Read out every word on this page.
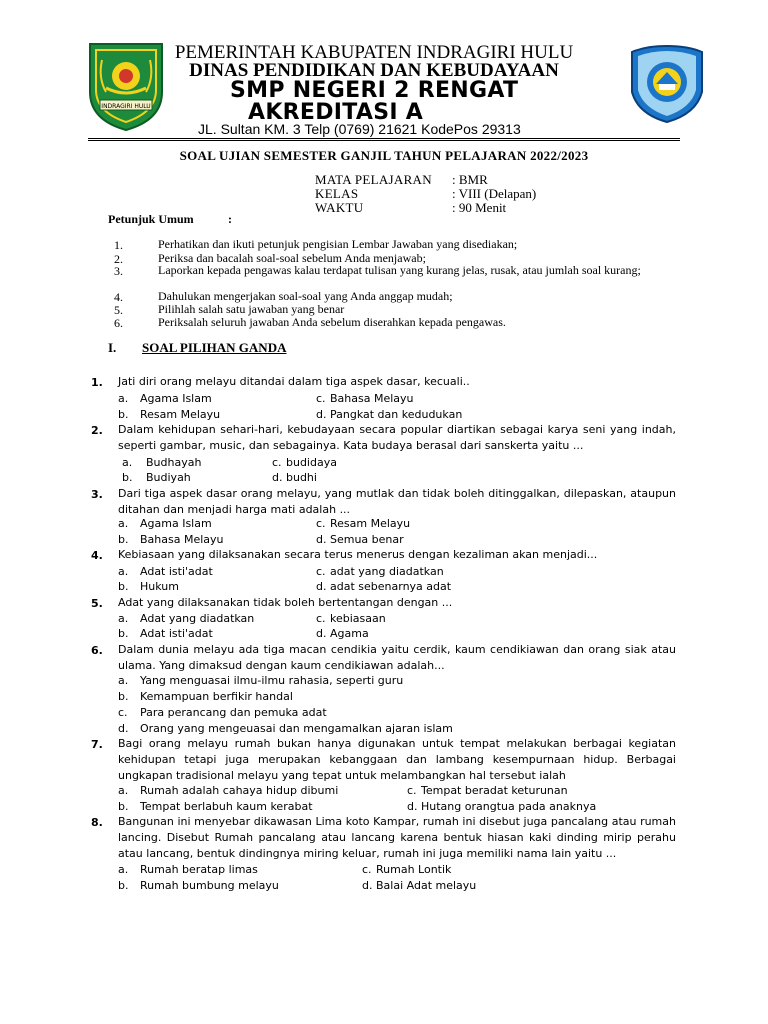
INDRAGIRI HULU
PEMERINTAH KABUPATEN INDRAGIRI HULU
DINAS PENDIDIKAN DAN KEBUDAYAAN
SMP NEGERI 2 RENGAT
AKREDITASI A
JL. Sultan KM. 3 Telp (0769) 21621 KodePos 29313
SOAL UJIAN SEMESTER GANJIL TAHUN PELAJARAN 2022/2023
MATA PELAJARAN : BMR
KELAS	: VIII (Delapan)
WAKTU	: 90 Menit
Petunjuk Umum	:
1.	Perhatikan dan ikuti petunjuk pengisian Lembar Jawaban yang disediakan;
2.	Periksa dan bacalah soal-soal sebelum Anda menjawab;
3.	Laporkan kepada pengawas kalau terdapat tulisan yang kurang jelas, rusak, atau jumlah soal kurang;
4.	Dahulukan mengerjakan soal-soal yang Anda anggap mudah;
5.	Pilihlah salah satu jawaban yang benar
6.	Periksalah seluruh jawaban Anda sebelum diserahkan kepada pengawas.
I. SOAL PILIHAN GANDA
1. Jati diri orang melayu ditandai dalam tiga aspek dasar, kecuali..
a. Agama Islam	c. Bahasa Melayu
b. Resam Melayu	d. Pangkat dan kedudukan
2. Dalam kehidupan sehari-hari, kebudayaan secara popular diartikan sebagai karya seni yang indah, seperti gambar, music, dan sebagainya. Kata budaya berasal dari sanskerta yaitu ...
a. Budhayah	c. budidaya
b. Budiyah	d. budhi
3. Dari tiga aspek dasar orang melayu, yang mutlak dan tidak boleh ditinggalkan, dilepaskan, ataupun ditahan dan menjadi harga mati adalah ...
a. Agama Islam	c. Resam Melayu
b. Bahasa Melayu	d. Semua benar
4. Kebiasaan yang dilaksanakan secara terus menerus dengan kezaliman akan menjadi...
a. Adat isti'adat	c. adat yang diadatkan
b. Hukum	d. adat sebenarnya adat
5. Adat yang dilaksanakan tidak boleh bertentangan dengan ...
a. Adat yang diadatkan	c. kebiasaan
b. Adat isti'adat	d. Agama
6. Dalam dunia melayu ada tiga macan cendikia yaitu cerdik, kaum cendikiawan dan orang siak atau ulama. Yang dimaksud dengan kaum cendikiawan adalah...
a. Yang menguasai ilmu-ilmu rahasia, seperti guru
b. Kemampuan berfikir handal
c. Para perancang dan pemuka adat
d. Orang yang mengeuasai dan mengamalkan ajaran islam
7. Bagi orang melayu rumah bukan hanya digunakan untuk tempat melakukan berbagai kegiatan kehidupan tetapi juga merupakan kebanggaan dan lambang kesempurnaan hidup. Berbagai ungkapan tradisional melayu yang tepat untuk melambangkan hal tersebut ialah
a. Rumah adalah cahaya hidup dibumi	c. Tempat beradat keturunan
b. Tempat berlabuh kaum kerabat	d. Hutang orangtua pada anaknya
8. Bangunan ini menyebar dikawasan Lima koto Kampar, rumah ini disebut juga pancalang atau rumah lancing. Disebut Rumah pancalang atau lancang karena bentuk hiasan kaki dinding mirip perahu atau lancang, bentuk dindingnya miring keluar, rumah ini juga memiliki nama lain yaitu ...
a. Rumah beratap limas	c. Rumah Lontik
b. Rumah bumbung melayu	d. Balai Adat melayu
